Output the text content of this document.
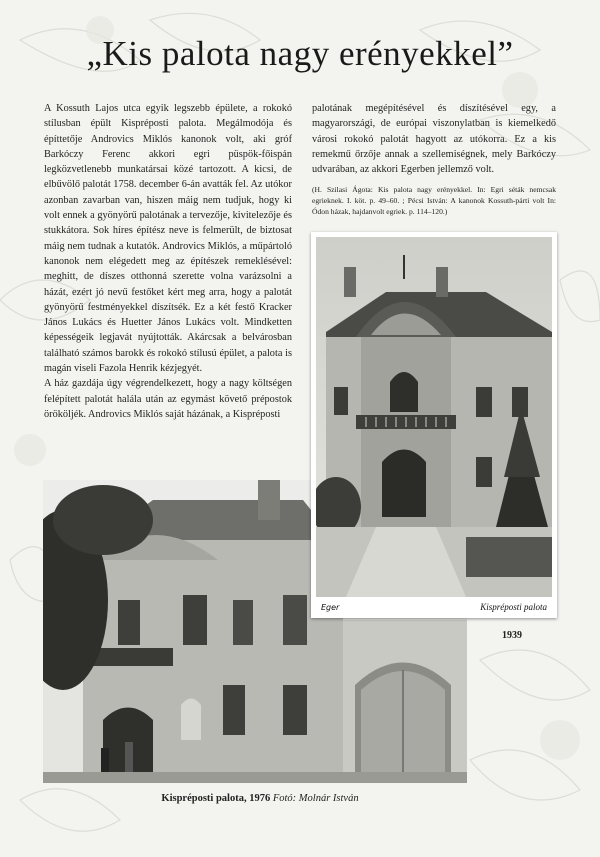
„Kis palota nagy erényekkel”

A Kossuth Lajos utca egyik legszebb épülete, a rokokó stílusban épült Kispréposti palota. Megálmodója és építtetője Androvics Miklós kanonok volt, aki gróf Barkóczy Ferenc akkori egri püspök-főispán legközvetlenebb munkatársai közé tartozott. A kicsi, de elbűvölő palotát 1758. december 6-án avatták fel. Az utókor azonban zavarban van, hiszen máig nem tudjuk, hogy ki volt ennek a gyönyörű palotának a tervezője, kivitelezője és stukkátora. Sok híres építész neve is felmerült, de biztosat máig nem tudnak a kutatók. Androvics Miklós, a műpártoló kanonok nem elégedett meg az építészek remeklésével: meghitt, de díszes otthonná szerette volna varázsolni a házát, ezért jó nevű festőket kért meg arra, hogy a palotát gyönyörű festményekkel díszítsék. Ez a két festő Kracker János Lukács és Huetter János Lukács volt. Mindketten képességeik legjavát nyújtották. Akárcsak a belvárosban található számos barokk és rokokó stílusú épület, a palota is magán viseli Fazola Henrik kézjegyét.

A ház gazdája úgy végrendelkezett, hogy a nagy költségen felépített palotát halála után az egymást követő prépostok örököljék. Androvics Miklós saját házának, a Kispréposti

palotának megépítésével és díszítésével egy, a magyarországi, de európai viszonylatban is kiemelkedő városi rokokó palotát hagyott az utókorra. Ez a kis remekmű őrzője annak a szellemiségnek, mely Barkóczy udvarában, az akkori Egerben jellemző volt.

(H. Szilasi Ágota: Kis palota nagy erényekkel. In: Egri séták nemcsak egrieknek. I. köt. p. 49–60. ; Pécsi István: A kanonok Kossuth-párti volt In: Ódon házak, hajdanvolt egriek. p. 114–120.)

Eger	Kispréposti palota
1939
Kispréposti palota, 1976 Fotó: Molnár István
